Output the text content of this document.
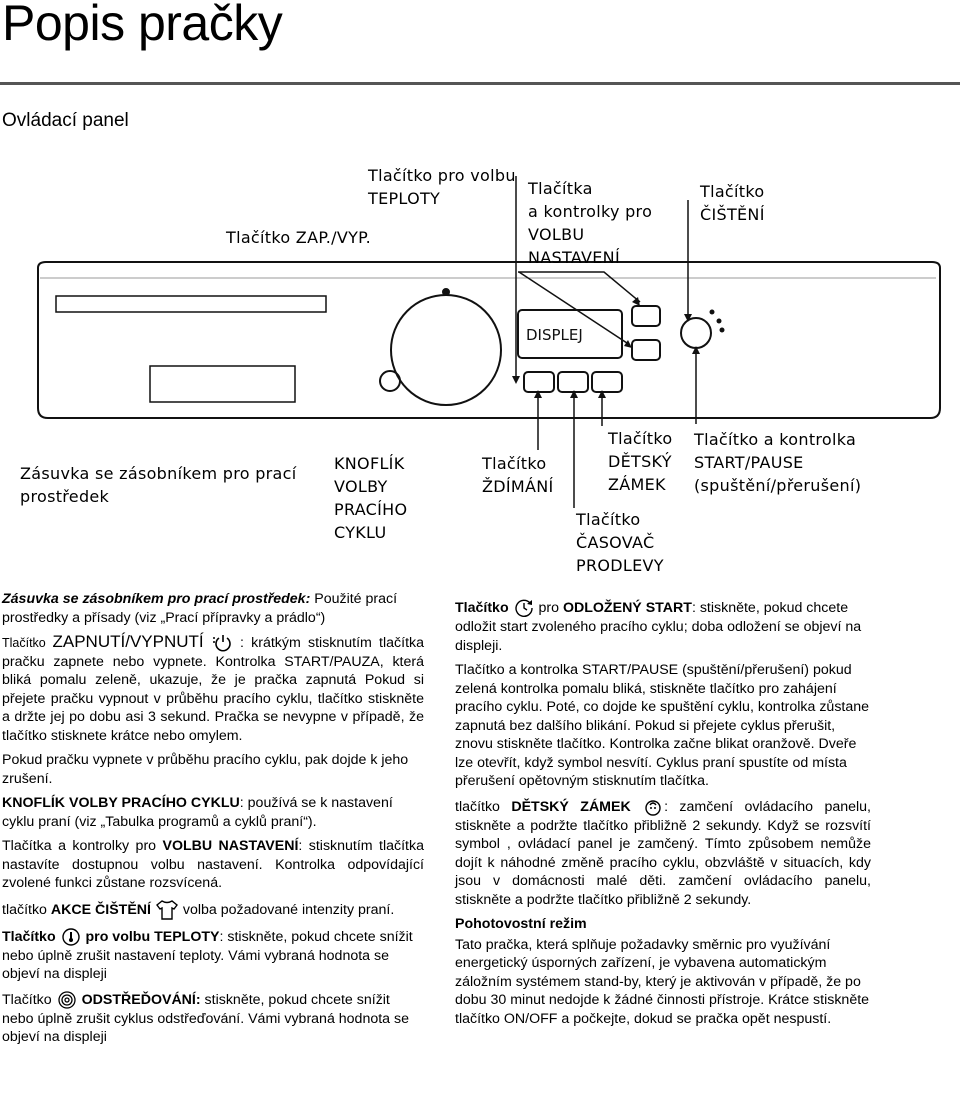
Popis pračky
Ovládací panel
DISPLEJ
Tlačítko pro volbu
TEPLOTY
Tlačítka
a kontrolky pro
VOLBU
NASTAVENÍ
Tlačítko
ČIŠTĚNÍ
Tlačítko ZAP./VYP.
Zásuvka se zásobníkem pro prací
prostředek
KNOFLÍK
VOLBY
PRACÍHO
CYKLU
Tlačítko
ŽDÍMÁNÍ
Tlačítko
DĚTSKÝ
ZÁMEK
Tlačítko a kontrolka
START/PAUSE
(spuštění/přerušení)
Tlačítko
ČASOVAČ
PRODLEVY

Zásuvka se zásobníkem pro prací prostředek: Použité prací prostředky a přísady (viz „Prací přípravky a prádlo“)

Tlačítko ZAPNUTÍ/VYPNUTÍ  : krátkým stisknutím tlačítka pračku zapnete nebo vypnete. Kontrolka START/PAUZA, která bliká pomalu zeleně, ukazuje, že je pračka zapnutá Pokud si přejete pračku vypnout v průběhu pracího cyklu, tlačítko stiskněte a držte jej po dobu asi 3 sekund. Pračka se nevypne v případě, že tlačítko stisknete krátce nebo omylem.

Pokud pračku vypnete v průběhu pracího cyklu, pak dojde k jeho zrušení.

KNOFLÍK VOLBY PRACÍHO CYKLU: používá se k nastavení cyklu praní (viz „Tabulka programů a cyklů praní“).

Tlačítka a kontrolky pro VOLBU NASTAVENÍ: stisknutím tlačítka nastavíte dostupnou volbu nastavení. Kontrolka odpovídající zvolené funkci zůstane rozsvícená.

tlačítko AKCE ČIŠTĚNÍ  volba požadované intenzity praní.

Tlačítko  pro volbu TEPLOTY: stiskněte, pokud chcete snížit nebo úplně zrušit nastavení teploty. Vámi vybraná hodnota se objeví na displeji

Tlačítko  ODSTŘEĎOVÁNÍ: stiskněte, pokud chcete snížit nebo úplně zrušit cyklus odstřeďování. Vámi vybraná hodnota se objeví na displeji

Tlačítko  pro ODLOŽENÝ START: stiskněte, pokud chcete odložit start zvoleného pracího cyklu; doba odložení se objeví na displeji.

Tlačítko a kontrolka START/PAUSE (spuštění/přerušení) pokud zelená kontrolka pomalu bliká, stiskněte tlačítko pro zahájení pracího cyklu. Poté, co dojde ke spuštění cyklu, kontrolka zůstane zapnutá bez dalšího blikání. Pokud si přejete cyklus přerušit, znovu stiskněte tlačítko. Kontrolka začne blikat oranžově. Dveře lze otevřít, když symbol nesvítí. Cyklus praní spustíte od místa přerušení opětovným stisknutím tlačítka.

tlačítko DĚTSKÝ ZÁMEK : zamčení ovládacího panelu, stiskněte a podržte tlačítko přibližně 2 sekundy. Když se rozsvítí symbol , ovládací panel je zamčený. Tímto způsobem nemůže dojít k náhodné změně pracího cyklu, obzvláště v situacích, kdy jsou v domácnosti malé děti. zamčení ovládacího panelu, stiskněte a podržte tlačítko přibližně 2 sekundy.

Pohotovostní režim

Tato pračka, která splňuje požadavky směrnic pro využívání energetický úsporných zařízení, je vybavena automatickým záložním systémem stand-by, který je aktivován v případě, že po dobu 30 minut nedojde k žádné činnosti přístroje. Krátce stiskněte tlačítko ON/OFF a počkejte, dokud se pračka opět nespustí.
